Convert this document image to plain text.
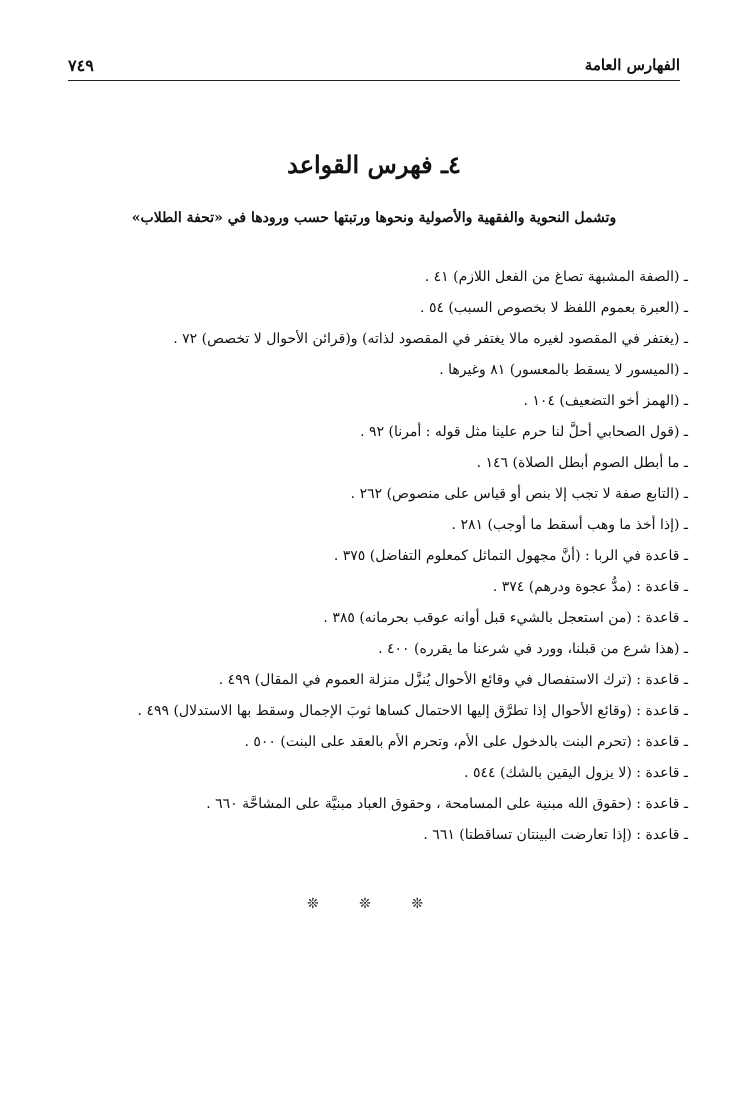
الفهارس العامة
٧٤٩
٤ـ فهرس القواعد
وتشمل النحوية والفقهية والأصولية ونحوها ورتبتها حسب ورودها في «تحفة الطلاب»
ـ (الصفة المشبهة تصاغ من الفعل اللازم) ٤١ .
ـ (العبرة بعموم اللفظ لا بخصوص السبب) ٥٤ .
ـ (يغتفر في المقصود لغيره مالا يغتفر في المقصود لذاته) و(قرائن الأحوال لا تخصص) ٧٢ .
ـ (الميسور لا يسقط بالمعسور) ٨١ وغيرها .
ـ (الهمز أخو التضعيف) ١٠٤ .
ـ (قول الصحابي أحلَّ لنا حرم علينا مثل قوله : أمرنا) ٩٢ .
ـ ما أبطل الصوم أبطل الصلاة) ١٤٦ .
ـ (التابع صفة لا تجب إلا بنص أو قياس على منصوص) ٢٦٢ .
ـ (إذا أخذ ما وهب أسقط ما أوجب) ٢٨١ .
ـ قاعدة في الربا : (أنَّ مجهول التماثل كمعلوم التفاضل) ٣٧٥ .
ـ قاعدة : (مدُّ عجوة ودرهم) ٣٧٤ .
ـ قاعدة : (من استعجل بالشيء قبل أوانه عوقب بحرمانه) ٣٨٥ .
ـ (هذا شرع من قبلنا، وورد في شرعنا ما يقرره) ٤٠٠ .
ـ قاعدة : (ترك الاستفصال في وقائع الأحوال يُنزَّل منزلة العموم في المقال) ٤٩٩ .
ـ قاعدة : (وقائع الأحوال إذا تطرَّق إليها الاحتمال كساها ثوبَ الإجمال وسقط بها الاستدلال) ٤٩٩ .
ـ قاعدة : (تحرم البنت بالدخول على الأم، وتحرم الأم بالعقد على البنت) ٥٠٠ .
ـ قاعدة : (لا يزول اليقين بالشك) ٥٤٤ .
ـ قاعدة : (حقوق الله مبنية على المسامحة ، وحقوق العباد مبنيَّة على المشاحَّة ٦٦٠ .
ـ قاعدة : (إذا تعارضت البينتان تساقطتا) ٦٦١ .
❊ ❊ ❊
